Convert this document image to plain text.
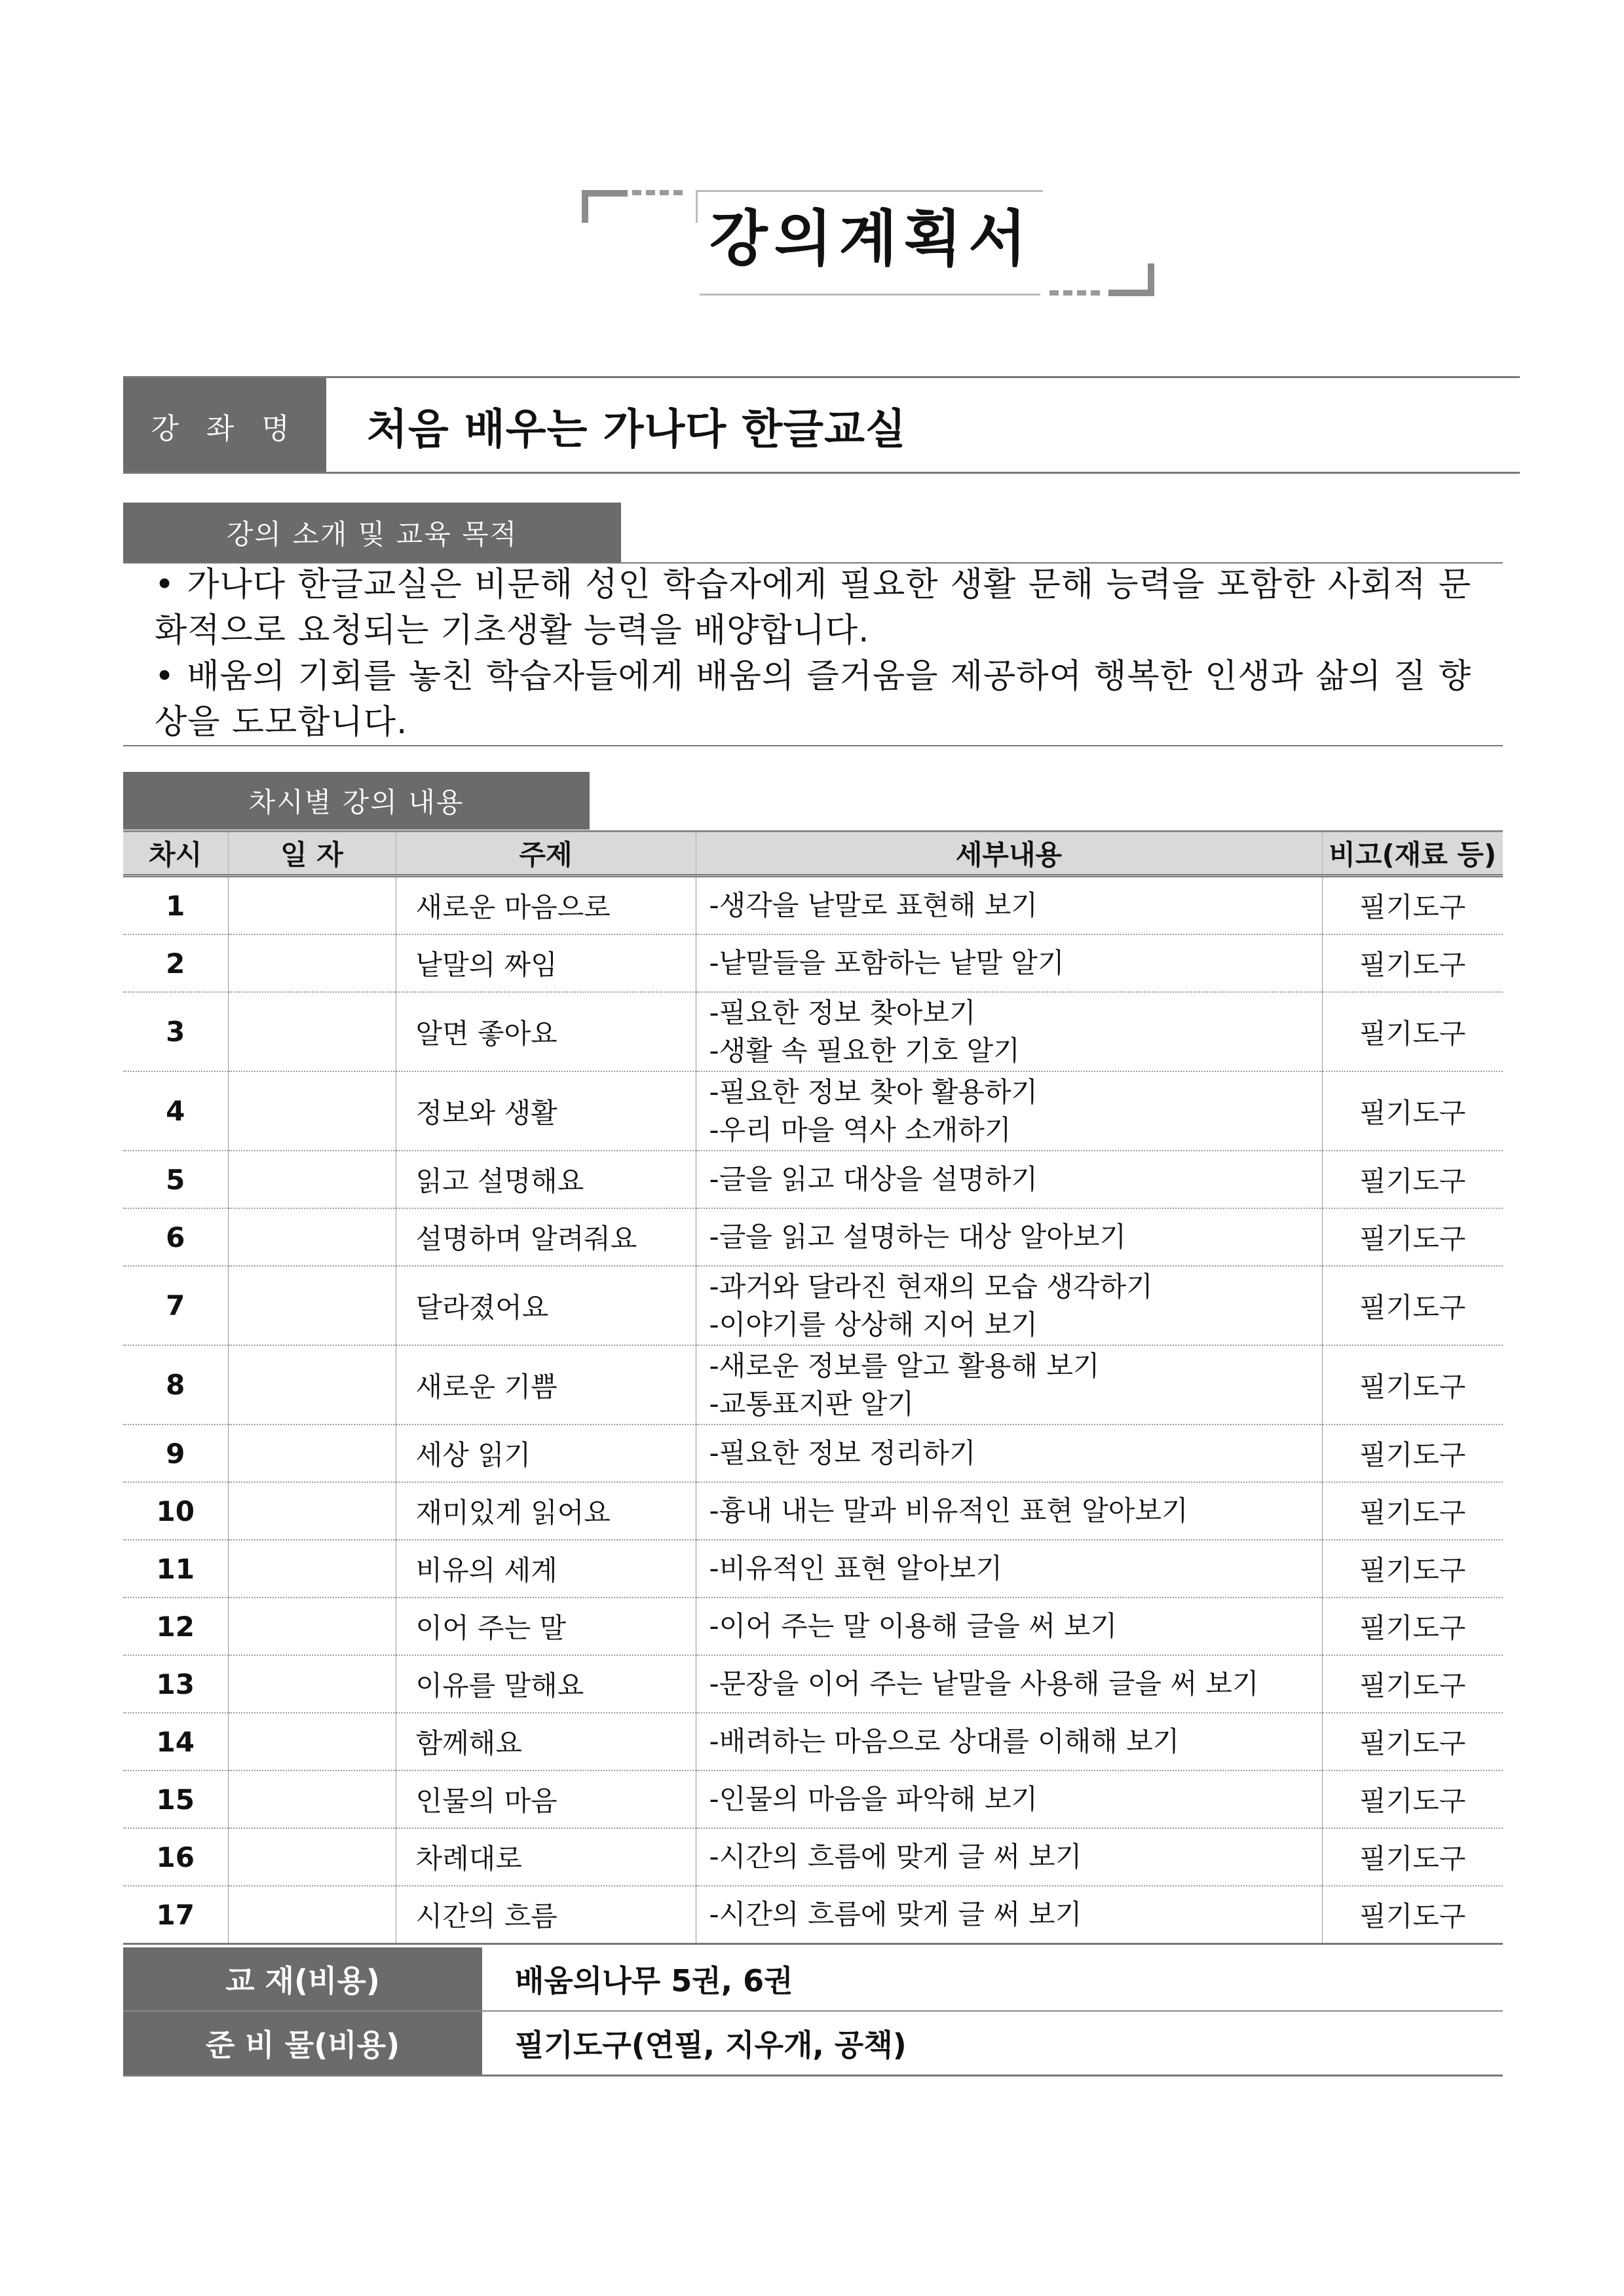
강의계획서
강 좌 명	처음 배우는 가나다 한글교실
강의 소개 및 교육 목적

• 가나다 한글교실은 비문해 성인 학습자에게 필요한 생활 문해 능력을 포함한 사회적 문화적으로 요청되는 기초생활 능력을 배양합니다.

• 배움의 기회를 놓친 학습자들에게 배움의 즐거움을 제공하여 행복한 인생과 삶의 질 향상을 도모합니다.

차시별 강의 내용
차시	일 자	주제	세부내용	비고(재료 등)
1		새로운 마음으로	-생각을 낱말로 표현해 보기	필기도구
2		낱말의 짜임	-낱말들을 포함하는 낱말 알기	필기도구
3		알면 좋아요	-필요한 정보 찾아보기
-생활 속 필요한 기호 알기	필기도구
4		정보와 생활	-필요한 정보 찾아 활용하기
-우리 마을 역사 소개하기	필기도구
5		읽고 설명해요	-글을 읽고 대상을 설명하기	필기도구
6		설명하며 알려줘요	-글을 읽고 설명하는 대상 알아보기	필기도구
7		달라졌어요	-과거와 달라진 현재의 모습 생각하기
-이야기를 상상해 지어 보기	필기도구
8		새로운 기쁨	-새로운 정보를 알고 활용해 보기
-교통표지판 알기	필기도구
9		세상 읽기	-필요한 정보 정리하기	필기도구
10		재미있게 읽어요	-흉내 내는 말과 비유적인 표현 알아보기	필기도구
11		비유의 세계	-비유적인 표현 알아보기	필기도구
12		이어 주는 말	-이어 주는 말 이용해 글을 써 보기	필기도구
13		이유를 말해요	-문장을 이어 주는 낱말을 사용해 글을 써 보기	필기도구
14		함께해요	-배려하는 마음으로 상대를 이해해 보기	필기도구
15		인물의 마음	-인물의 마음을 파악해 보기	필기도구
16		차례대로	-시간의 흐름에 맞게 글 써 보기	필기도구
17		시간의 흐름	-시간의 흐름에 맞게 글 써 보기	필기도구
교 재(비용)	배움의나무 5권, 6권
준 비 물(비용)	필기도구(연필, 지우개, 공책)
